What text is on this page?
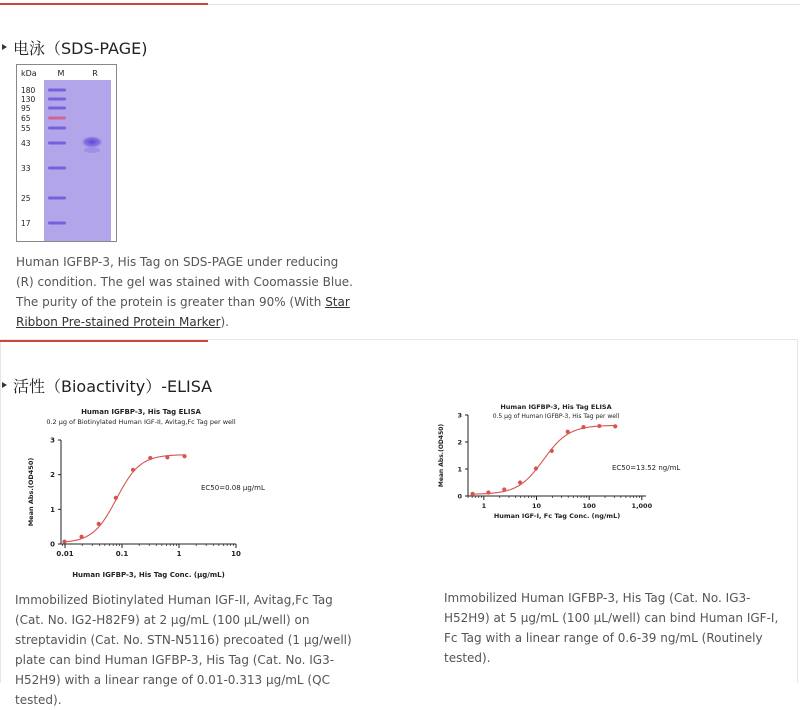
电泳（SDS-PAGE)
kDa	M	R
180
130
95
65
55
43
33
25
17
Human IGFBP-3, His Tag on SDS-PAGE under reducing (R) condition. The gel was stained with Coomassie Blue. The purity of the protein is greater than 90% (With Star Ribbon Pre-stained Protein Marker).
活性（Bioactivity）-ELISA
Human IGFBP-3, His Tag ELISA
0.2 μg of Biotinylated Human IGF-II, Avitag,Fc Tag per well
0
1
2
3
0.01	0.1	1	10
Human IGFBP-3, His Tag Conc. (μg/mL)
Mean Abs.(OD450)	EC50=0.08 μg/mL
Human IGFBP-3, His Tag ELISA
0.5 μg of Human IGFBP-3, His Tag per well
0
1
2
3
1	10	100	1,000
Human IGF-I, Fc Tag Conc. (ng/mL)
Mean Abs.(OD450)	EC50=13.52 ng/mL
Immobilized Biotinylated Human IGF-II, Avitag,Fc Tag (Cat. No. IG2-H82F9) at 2 μg/mL (100 μL/well) on streptavidin (Cat. No. STN-N5116) precoated (1 μg/well) plate can bind Human IGFBP-3, His Tag (Cat. No. IG3-H52H9) with a linear range of 0.01-0.313 μg/mL (QC tested).
Immobilized Human IGFBP-3, His Tag (Cat. No. IG3-H52H9) at 5 μg/mL (100 μL/well) can bind Human IGF-I, Fc Tag with a linear range of 0.6-39 ng/mL (Routinely tested).
